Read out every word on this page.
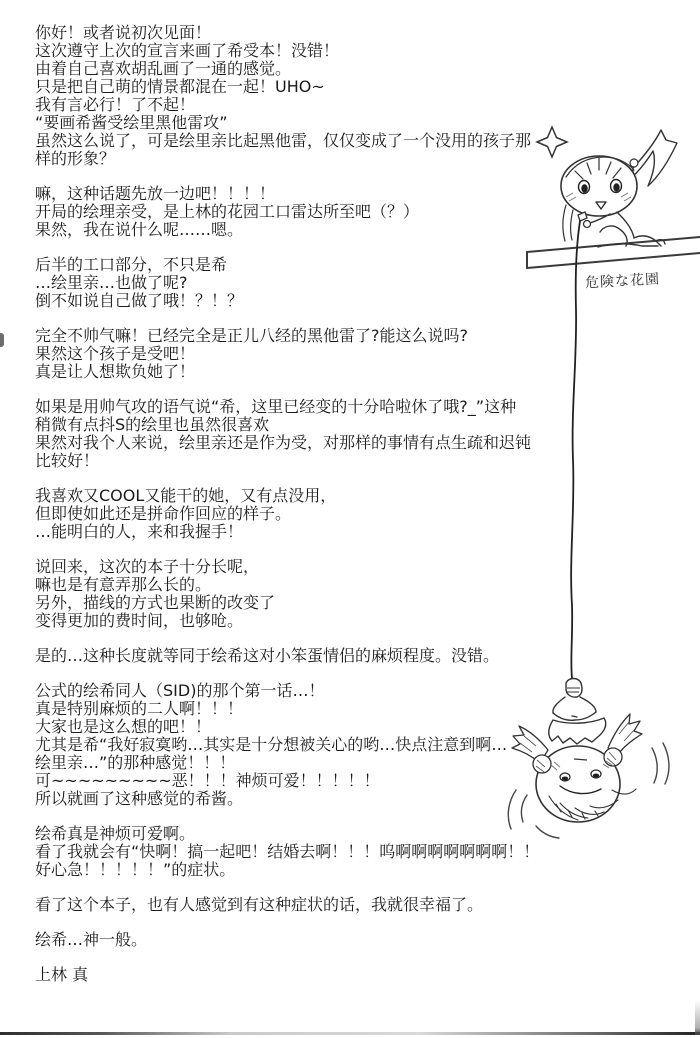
你好！或者说初次见面！
这次遵守上次的宣言来画了希受本！没错！
由着自己喜欢胡乱画了一通的感觉。
只是把自己萌的情景都混在一起！UHO~
我有言必行！了不起！
“要画希酱受绘里黑他雷攻”
虽然这么说了，可是绘里亲比起黑他雷，仅仅变成了一个没用的孩子那
样的形象？
嘛，这种话题先放一边吧！！！！
开局的绘理亲受，是上林的花园工口雷达所至吧（？）
果然，我在说什么呢……嗯。
后半的工口部分，不只是希
…绘里亲…也做了呢?
倒不如说自己做了哦！？！？
完全不帅气嘛！已经完全是正儿八经的黑他雷了?能这么说吗?
果然这个孩子是受吧！
真是让人想欺负她了！
如果是用帅气攻的语气说“希，这里已经变的十分哈啦休了哦?_”这种
稍微有点抖S的绘里也虽然很喜欢
果然对我个人来说，绘里亲还是作为受，对那样的事情有点生疏和迟钝
比较好！
我喜欢又COOL又能干的她，又有点没用，
但即使如此还是拼命作回应的样子。
…能明白的人，来和我握手！
说回来，这次的本子十分长呢，
嘛也是有意弄那么长的。
另外，描线的方式也果断的改变了
变得更加的费时间，也够呛。
是的…这种长度就等同于绘希这对小笨蛋情侣的麻烦程度。没错。
公式的绘希同人（SID)的那个第一话…！
真是特别麻烦的二人啊！！！
大家也是这么想的吧！！
尤其是希“我好寂寞哟…其实是十分想被关心的哟…快点注意到啊…
绘里亲…”的那种感觉！！！
可~~~~~~~~~恶！！！神烦可爱！！！！！
所以就画了这种感觉的希酱。
绘希真是神烦可爱啊。
看了我就会有“快啊！搞一起吧！结婚去啊！！！呜啊啊啊啊啊啊啊！！
好心急！！！！！”的症状。
看了这个本子，也有人感觉到有这种症状的话，我就很幸福了。
绘希…神一般。
上林 真
危険な花園
